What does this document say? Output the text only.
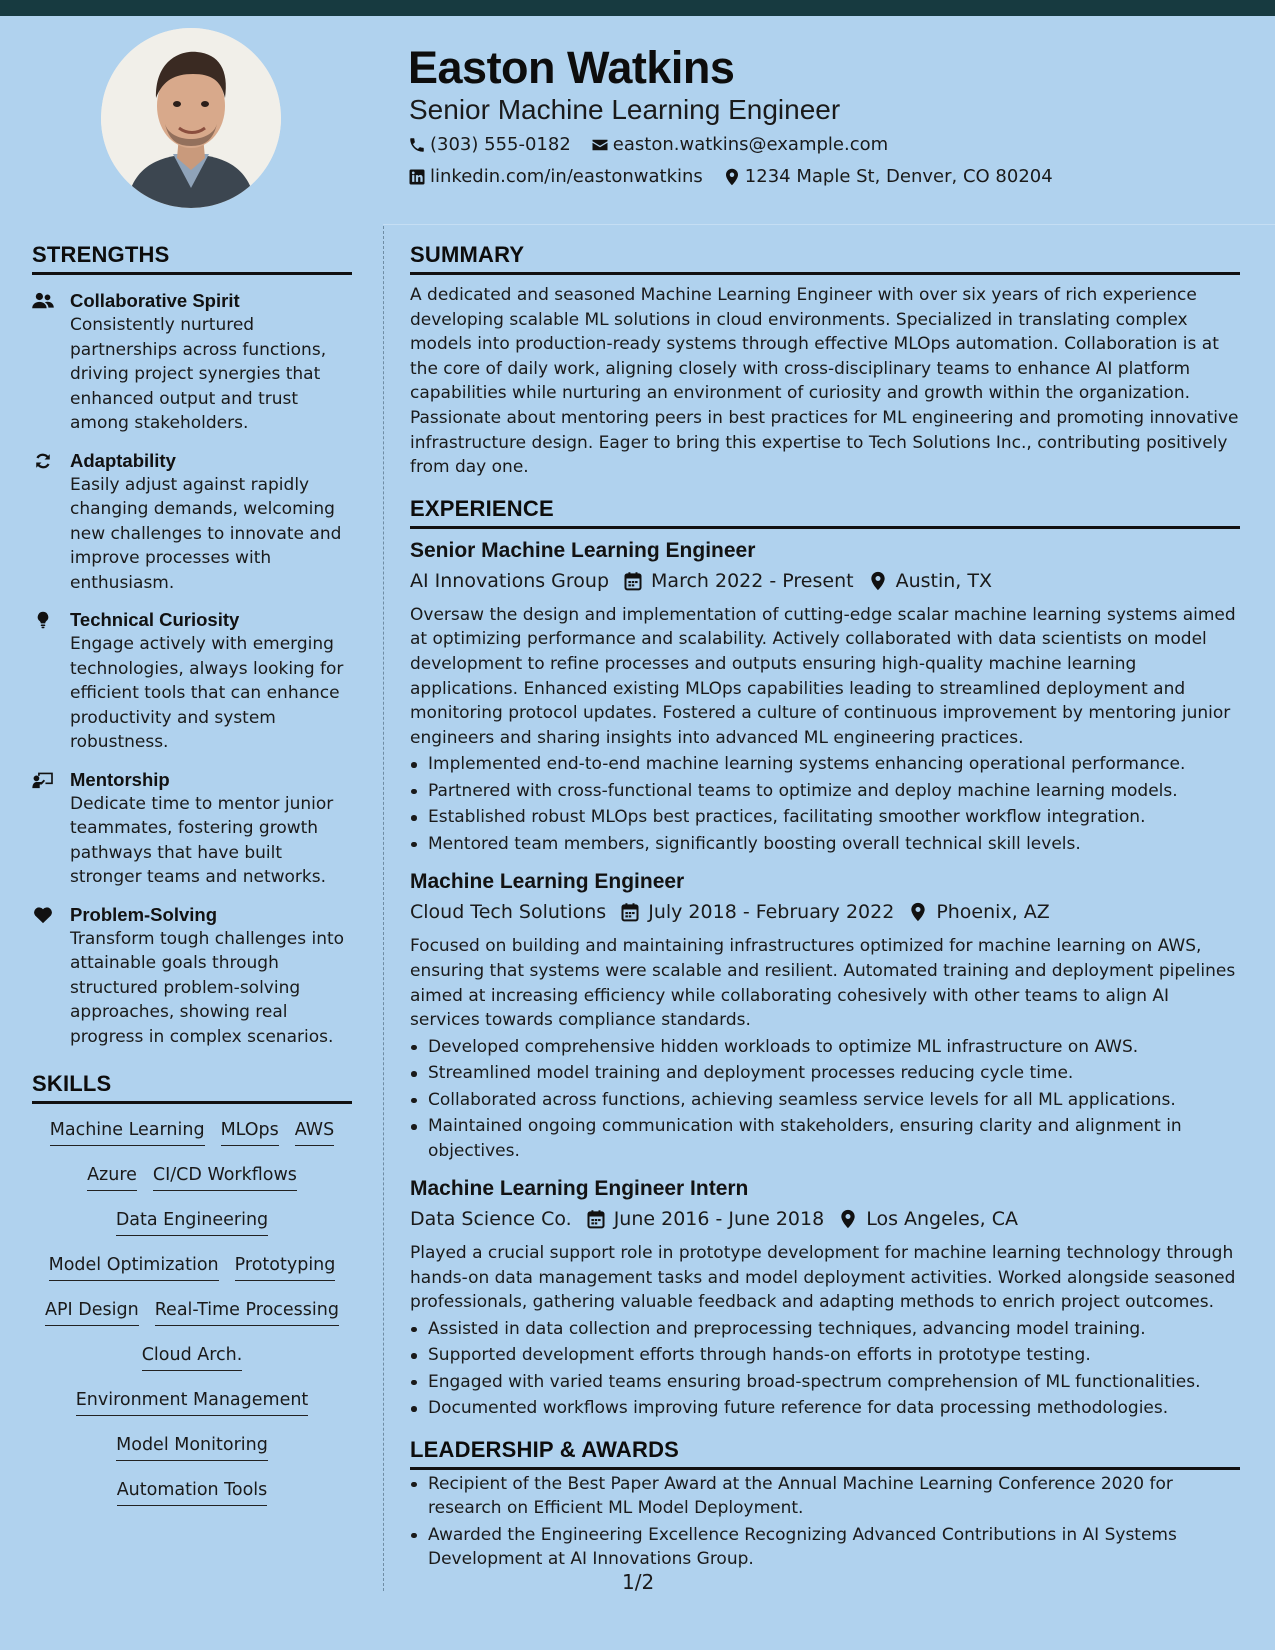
Easton Watkins
Senior Machine Learning Engineer
(303) 555-0182 easton.watkins@example.com
linkedin.com/in/eastonwatkins 1234 Maple St, Denver, CO 80204
STRENGTHS
Collaborative Spirit
Consistently nurtured partnerships across functions, driving project synergies that enhanced output and trust among stakeholders.
Adaptability
Easily adjust against rapidly changing demands, welcoming new challenges to innovate and improve processes with enthusiasm.
Technical Curiosity
Engage actively with emerging technologies, always looking for efficient tools that can enhance productivity and system robustness.
Mentorship
Dedicate time to mentor junior teammates, fostering growth pathways that have built stronger teams and networks.
Problem-Solving
Transform tough challenges into attainable goals through structured problem-solving approaches, showing real progress in complex scenarios.
SKILLS
Machine Learning MLOps AWS
Azure CI/CD Workflows
Data Engineering
Model Optimization Prototyping
API Design Real-Time Processing
Cloud Arch.
Environment Management
Model Monitoring
Automation Tools
SUMMARY

A dedicated and seasoned Machine Learning Engineer with over six years of rich experience developing scalable ML solutions in cloud environments. Specialized in translating complex models into production-ready systems through effective MLOps automation. Collaboration is at the core of daily work, aligning closely with cross-disciplinary teams to enhance AI platform capabilities while nurturing an environment of curiosity and growth within the organization. Passionate about mentoring peers in best practices for ML engineering and promoting innovative infrastructure design. Eager to bring this expertise to Tech Solutions Inc., contributing positively from day one.

EXPERIENCE
Senior Machine Learning Engineer
AI Innovations Group March 2022 - Present Austin, TX

Oversaw the design and implementation of cutting-edge scalar machine learning systems aimed at optimizing performance and scalability. Actively collaborated with data scientists on model development to refine processes and outputs ensuring high-quality machine learning applications. Enhanced existing MLOps capabilities leading to streamlined deployment and monitoring protocol updates. Fostered a culture of continuous improvement by mentoring junior engineers and sharing insights into advanced ML engineering practices.

Implemented end-to-end machine learning systems enhancing operational performance.
Partnered with cross-functional teams to optimize and deploy machine learning models.
Established robust MLOps best practices, facilitating smoother workflow integration.
Mentored team members, significantly boosting overall technical skill levels.
Machine Learning Engineer
Cloud Tech Solutions July 2018 - February 2022 Phoenix, AZ

Focused on building and maintaining infrastructures optimized for machine learning on AWS, ensuring that systems were scalable and resilient. Automated training and deployment pipelines aimed at increasing efficiency while collaborating cohesively with other teams to align AI services towards compliance standards.

Developed comprehensive hidden workloads to optimize ML infrastructure on AWS.
Streamlined model training and deployment processes reducing cycle time.
Collaborated across functions, achieving seamless service levels for all ML applications.
Maintained ongoing communication with stakeholders, ensuring clarity and alignment in objectives.
Machine Learning Engineer Intern
Data Science Co. June 2016 - June 2018 Los Angeles, CA

Played a crucial support role in prototype development for machine learning technology through hands-on data management tasks and model deployment activities. Worked alongside seasoned professionals, gathering valuable feedback and adapting methods to enrich project outcomes.

Assisted in data collection and preprocessing techniques, advancing model training.
Supported development efforts through hands-on efforts in prototype testing.
Engaged with varied teams ensuring broad-spectrum comprehension of ML functionalities.
Documented workflows improving future reference for data processing methodologies.
LEADERSHIP & AWARDS
Recipient of the Best Paper Award at the Annual Machine Learning Conference 2020 for research on Efficient ML Model Deployment.
Awarded the Engineering Excellence Recognizing Advanced Contributions in AI Systems Development at AI Innovations Group.
1/2
